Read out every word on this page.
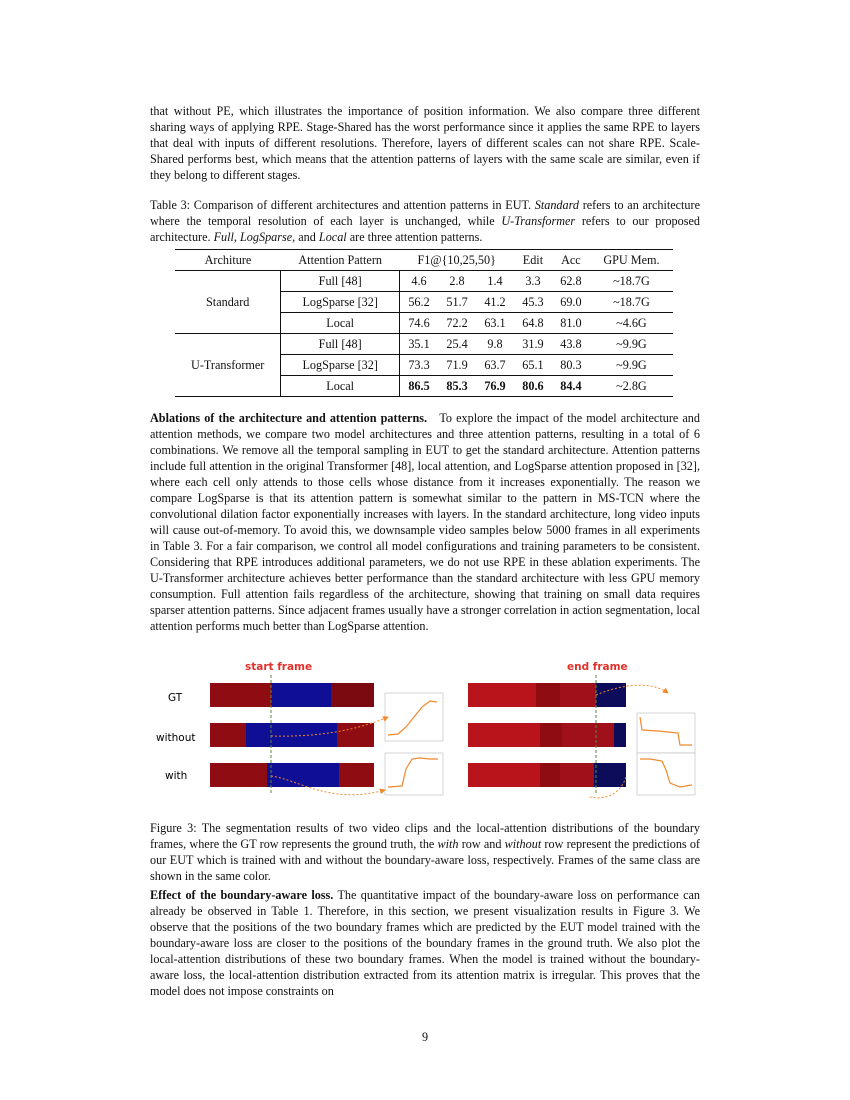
that without PE, which illustrates the importance of position information. We also compare three different sharing ways of applying RPE. Stage-Shared has the worst performance since it applies the same RPE to layers that deal with inputs of different resolutions. Therefore, layers of different scales can not share RPE. Scale-Shared performs best, which means that the attention patterns of layers with the same scale are similar, even if they belong to different stages.

Table 3: Comparison of different architectures and attention patterns in EUT. Standard refers to an architecture where the temporal resolution of each layer is unchanged, while U-Transformer refers to our proposed architecture. Full, LogSparse, and Local are three attention patterns.

Architure	Attention Pattern	F1@{10,25,50}			Edit	Acc	GPU Mem.
Standard	Full [48]	4.6	2.8	1.4	3.3	62.8	~18.7G
	LogSparse [32]	56.2	51.7	41.2	45.3	69.0	~18.7G
	Local	74.6	72.2	63.1	64.8	81.0	~4.6G
U-Transformer	Full [48]	35.1	25.4	9.8	31.9	43.8	~9.9G
	LogSparse [32]	73.3	71.9	63.7	65.1	80.3	~9.9G
	Local	86.5	85.3	76.9	80.6	84.4	~2.8G

Ablations of the architecture and attention patterns. To explore the impact of the model architecture and attention methods, we compare two model architectures and three attention patterns, resulting in a total of 6 combinations. We remove all the temporal sampling in EUT to get the standard architecture. Attention patterns include full attention in the original Transformer [48], local attention, and LogSparse attention proposed in [32], where each cell only attends to those cells whose distance from it increases exponentially. The reason we compare LogSparse is that its attention pattern is somewhat similar to the pattern in MS-TCN where the convolutional dilation factor exponentially increases with layers. In the standard architecture, long video inputs will cause out-of-memory. To avoid this, we downsample video samples below 5000 frames in all experiments in Table 3. For a fair comparison, we control all model configurations and training parameters to be consistent. Considering that RPE introduces additional parameters, we do not use RPE in these ablation experiments. The U-Transformer architecture achieves better performance than the standard architecture with less GPU memory consumption. Full attention fails regardless of the architecture, showing that training on small data requires sparser attention patterns. Since adjacent frames usually have a stronger correlation in action segmentation, local attention performs much better than LogSparse attention.

start frame	end frame
GT
without
with

Figure 3: The segmentation results of two video clips and the local-attention distributions of the boundary frames, where the GT row represents the ground truth, the with row and without row represent the predictions of our EUT which is trained with and without the boundary-aware loss, respectively. Frames of the same class are shown in the same color.

Effect of the boundary-aware loss. The quantitative impact of the boundary-aware loss on performance can already be observed in Table 1. Therefore, in this section, we present visualization results in Figure 3. We observe that the positions of the two boundary frames which are predicted by the EUT model trained with the boundary-aware loss are closer to the positions of the boundary frames in the ground truth. We also plot the local-attention distributions of these two boundary frames. When the model is trained without the boundary-aware loss, the local-attention distribution extracted from its attention matrix is irregular. This proves that the model does not impose constraints on

9
